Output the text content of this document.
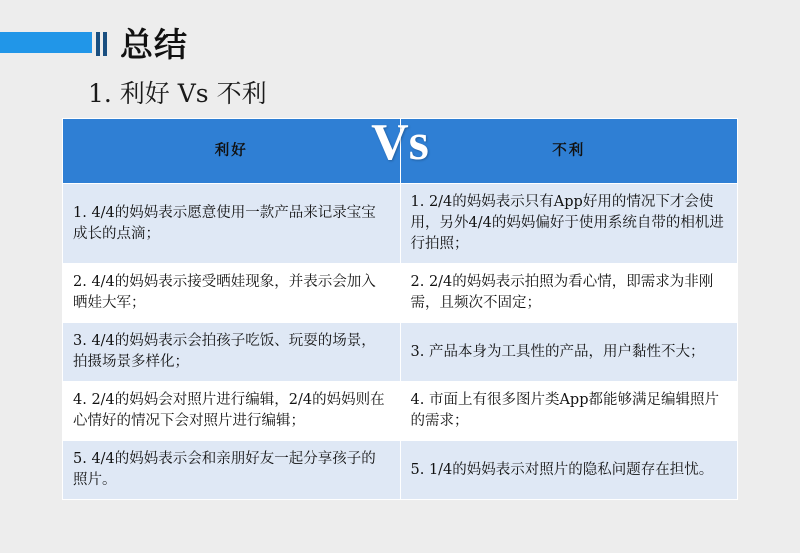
总结
1. 利好 Vs 不利
利好	不利
1. 4/4的妈妈表示愿意使用一款产品来记录宝宝成长的点滴；	1. 2/4的妈妈表示只有App好用的情况下才会使用，另外4/4的妈妈偏好于使用系统自带的相机进行拍照；
2. 4/4的妈妈表示接受晒娃现象，并表示会加入晒娃大军；	2. 2/4的妈妈表示拍照为看心情，即需求为非刚需，且频次不固定；
3. 4/4的妈妈表示会拍孩子吃饭、玩耍的场景，拍摄场景多样化；	3. 产品本身为工具性的产品，用户黏性不大；
4. 2/4的妈妈会对照片进行编辑，2/4的妈妈则在心情好的情况下会对照片进行编辑；	4. 市面上有很多图片类App都能够满足编辑照片的需求；
5. 4/4的妈妈表示会和亲朋好友一起分享孩子的照片。	5. 1/4的妈妈表示对照片的隐私问题存在担忧。
Vs
